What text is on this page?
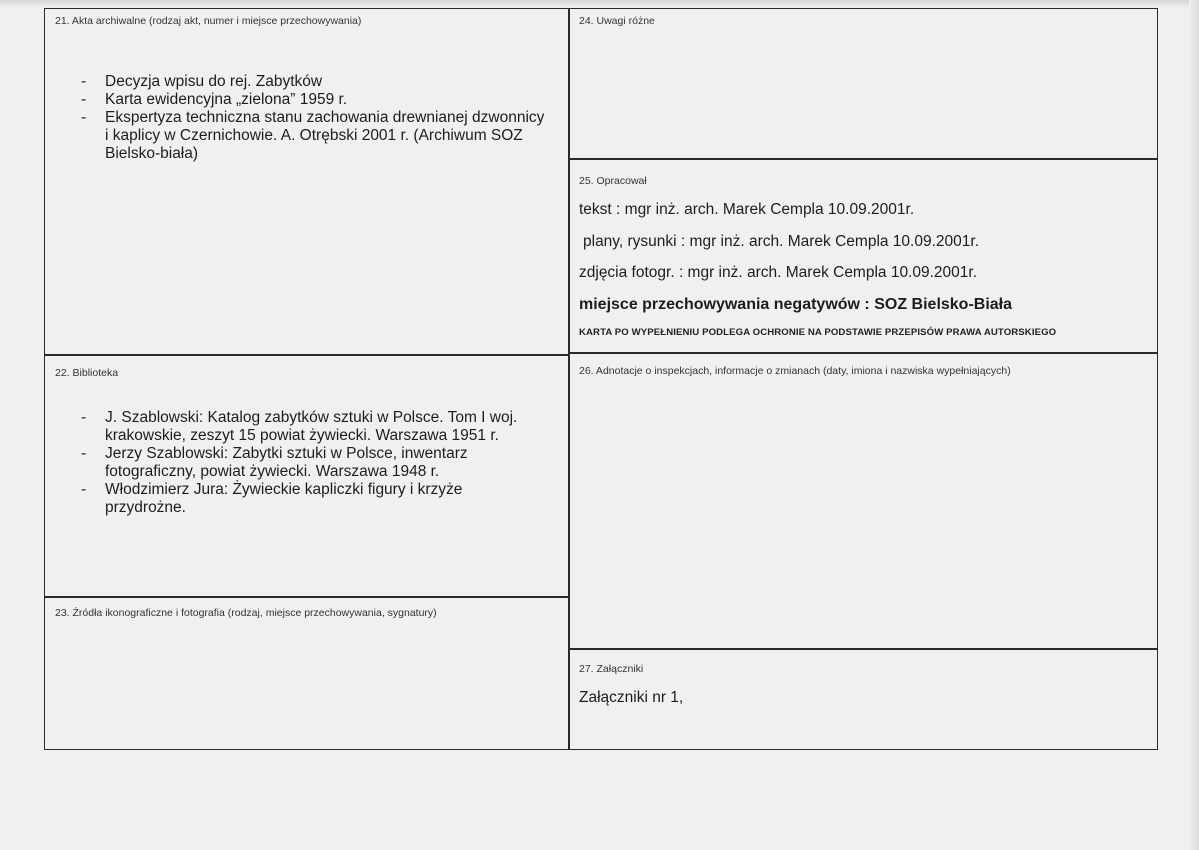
21. Akta archiwalne (rodzaj akt, numer i miejsce przechowywania)
- Decyzja wpisu do rej. Zabytków
- Karta ewidencyjna „zielona” 1959 r.
- Ekspertyza techniczna stanu zachowania drewnianej dzwonnicy i kaplicy w Czernichowie. A. Otrębski 2001 r. (Archiwum SOZ Bielsko-biała)
24. Uwagi różne
25. Opracował
tekst : mgr inż. arch. Marek Cempla 10.09.2001r.
plany, rysunki : mgr inż. arch. Marek Cempla 10.09.2001r.
zdjęcia fotogr. : mgr inż. arch. Marek Cempla 10.09.2001r.
miejsce przechowywania negatywów : SOZ Bielsko-Biała
KARTA PO WYPEŁNIENIU PODLEGA OCHRONIE NA PODSTAWIE PRZEPISÓW PRAWA AUTORSKIEGO
22. Biblioteka
- J. Szablowski: Katalog zabytków sztuki w Polsce. Tom I woj. krakowskie, zeszyt 15 powiat żywiecki. Warszawa 1951 r.
- Jerzy Szablowski: Zabytki sztuki w Polsce, inwentarz fotograficzny, powiat żywiecki. Warszawa 1948 r.
- Włodzimierz Jura: Żywieckie kapliczki figury i krzyże przydrożne.
26. Adnotacje o inspekcjach, informacje o zmianach (daty, imiona i nazwiska wypełniających)
23. Źródła ikonograficzne i fotografia (rodzaj, miejsce przechowywania, sygnatury)
27. Załączniki
Załączniki nr 1,
